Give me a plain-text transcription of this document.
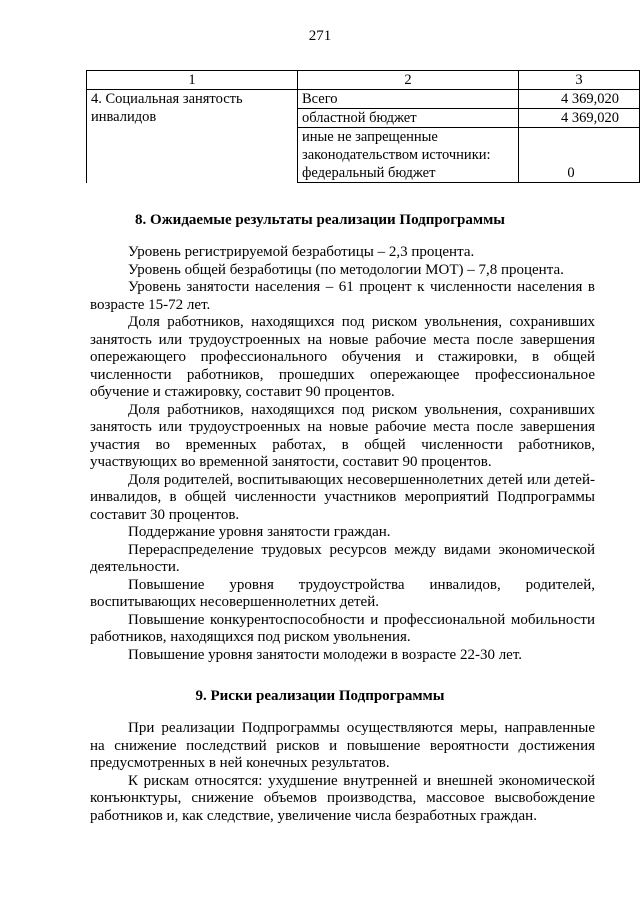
271
1	2	3
4. Социальная занятость инвалидов	Всего	4 369,020
	областной бюджет	4 369,020
	иные не запрещенные законодательством источники:	
	федеральный бюджет	0
8. Ожидаемые результаты реализации Подпрограммы

Уровень регистрируемой безработицы – 2,3 процента.

Уровень общей безработицы (по методологии МОТ) – 7,8 процента.

Уровень занятости населения – 61 процент к численности населения в возрасте 15-72 лет.

Доля работников, находящихся под риском увольнения, сохранивших занятость или трудоустроенных на новые рабочие места после завершения опережающего профессионального обучения и стажировки, в общей численности работников, прошедших опережающее профессиональное обучение и стажировку, составит 90 процентов.

Доля работников, находящихся под риском увольнения, сохранивших занятость или трудоустроенных на новые рабочие места после завершения участия во временных работах, в общей численности работников, участвующих во временной занятости, составит 90 процентов.

Доля родителей, воспитывающих несовершеннолетних детей или детей-инвалидов, в общей численности участников мероприятий Подпрограммы составит 30 процентов.

Поддержание уровня занятости граждан.

Перераспределение трудовых ресурсов между видами экономической деятельности.

Повышение уровня трудоустройства инвалидов, родителей, воспитывающих несовершеннолетних детей.

Повышение конкурентоспособности и профессиональной мобильности работников, находящихся под риском увольнения.

Повышение уровня занятости молодежи в возрасте 22-30 лет.

9. Риски реализации Подпрограммы

При реализации Подпрограммы осуществляются меры, направленные на снижение последствий рисков и повышение вероятности достижения предусмотренных в ней конечных результатов.

К рискам относятся: ухудшение внутренней и внешней экономической конъюнктуры, снижение объемов производства, массовое высвобождение работников и, как следствие, увеличение числа безработных граждан.
